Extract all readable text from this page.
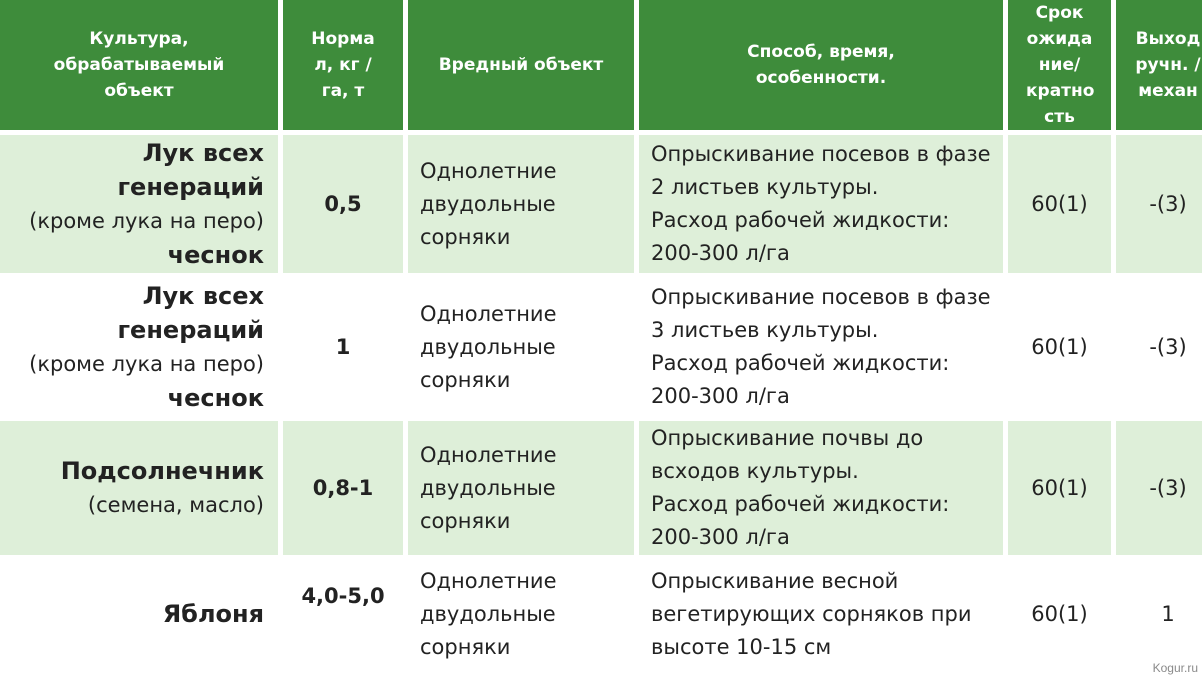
Культура, обрабатываемый объект	Норма л, кг / га, т	Вредный объект	Способ, время, особенности.	Срок ожида ние/ кратно сть	Выход ручн. /механ

Лук всех
генераций
(кроме лука на перо)
чеснок	0,5	Однолетние
двудольные
сорняки	Опрыскивание посевов в фазе
2 листьев культуры.
Расход рабочей жидкости:
200-300 л/га	60(1)	-(3)

Лук всех
генераций
(кроме лука на перо)
чеснок	1	Однолетние
двудольные
сорняки	Опрыскивание посевов в фазе
3 листьев культуры.
Расход рабочей жидкости:
200-300 л/га	60(1)	-(3)

Подсолнечник
(семена, масло)	0,8-1	Однолетние
двудольные
сорняки	Опрыскивание почвы до
всходов культуры.
Расход рабочей жидкости:
200-300 л/га	60(1)	-(3)

Яблоня	4,0-5,0	Однолетние
двудольные
сорняки	Опрыскивание весной
вегетирующих сорняков при
высоте 10-15 см	60(1)	1
Kogur.ru
